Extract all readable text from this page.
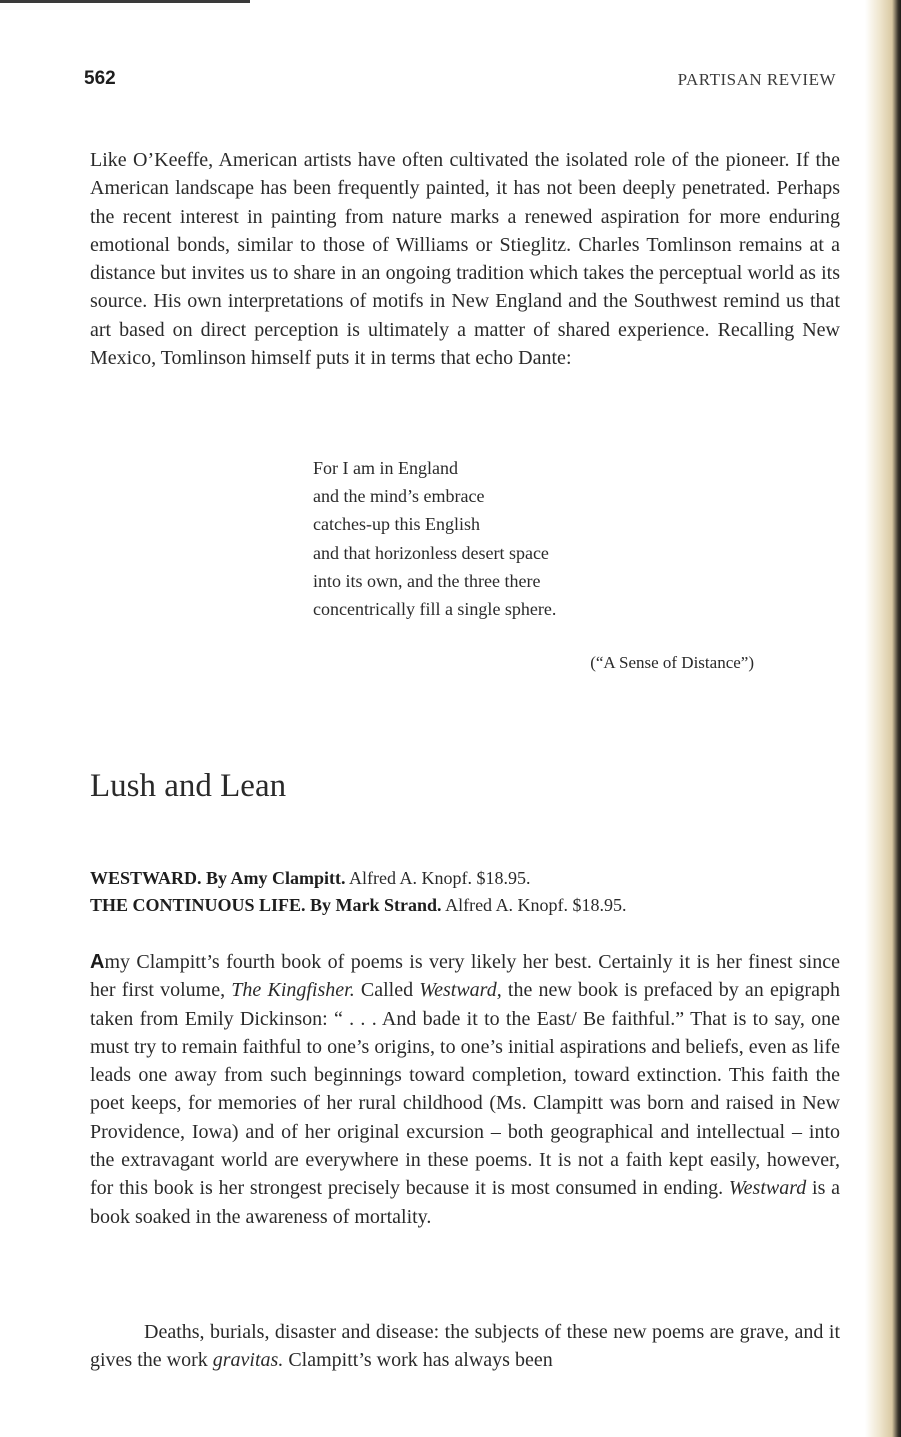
562	PARTISAN REVIEW

Like O’Keeffe, American artists have often cultivated the isolated role of the pioneer. If the American landscape has been frequently painted, it has not been deeply penetrated. Perhaps the recent interest in painting from nature marks a renewed aspiration for more enduring emotional bonds, similar to those of Williams or Stieglitz. Charles Tomlinson remains at a distance but invites us to share in an ongoing tradition which takes the perceptual world as its source. His own interpretations of motifs in New England and the Southwest remind us that art based on direct perception is ultimately a matter of shared experience. Recalling New Mexico, Tomlinson himself puts it in terms that echo Dante:

For I am in England
and the mind’s embrace
catches-up this English
and that horizonless desert space
into its own, and the three there
concentrically fill a single sphere.
(“A Sense of Distance”)
Lush and Lean
WESTWARD. By Amy Clampitt. Alfred A. Knopf. $18.95.
THE CONTINUOUS LIFE. By Mark Strand. Alfred A. Knopf. $18.95.

Amy Clampitt’s fourth book of poems is very likely her best. Certainly it is her finest since her first volume, The Kingfisher. Called Westward, the new book is prefaced by an epigraph taken from Emily Dickinson: “ . . . And bade it to the East/ Be faithful.” That is to say, one must try to remain faithful to one’s origins, to one’s initial aspirations and beliefs, even as life leads one away from such beginnings toward completion, toward extinction. This faith the poet keeps, for memories of her rural childhood (Ms. Clampitt was born and raised in New Providence, Iowa) and of her original excursion – both geographical and intellectual – into the extravagant world are everywhere in these poems. It is not a faith kept easily, however, for this book is her strongest precisely because it is most consumed in ending. Westward is a book soaked in the awareness of mortality.

Deaths, burials, disaster and disease: the subjects of these new poems are grave, and it gives the work gravitas. Clampitt’s work has always been
